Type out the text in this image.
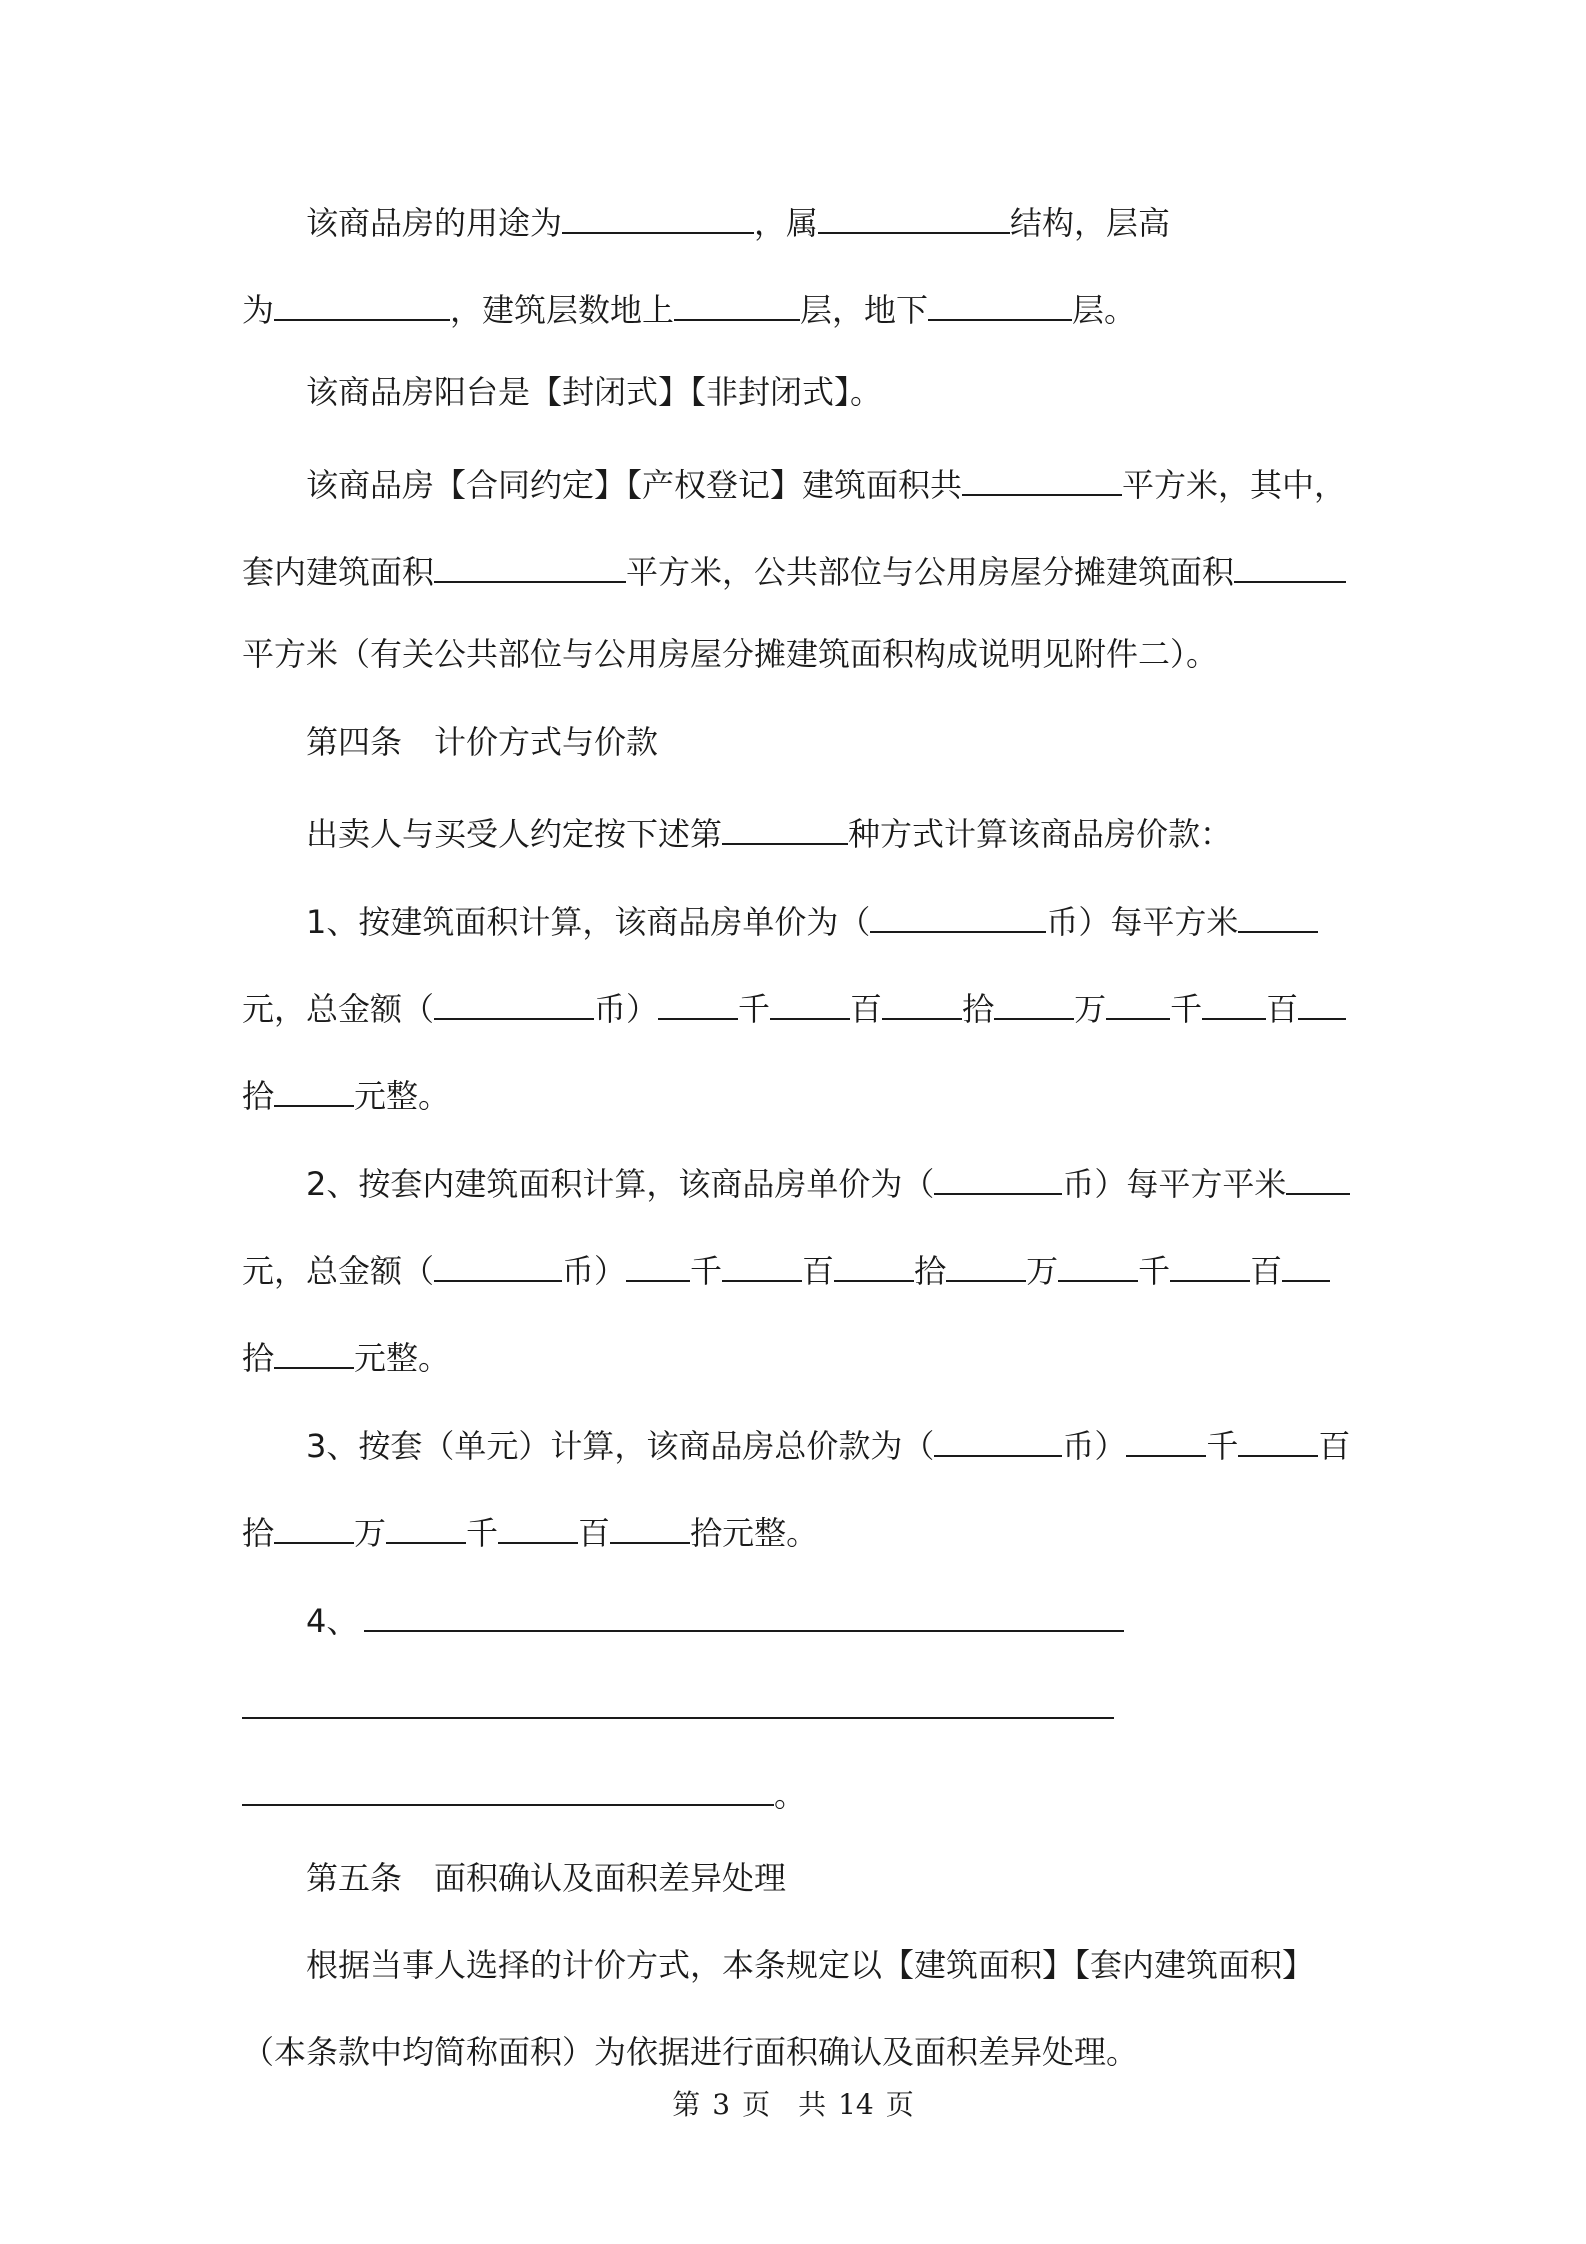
该商品房的用途为	，属	结构，层高
为	，建筑层数地上	层，地下	层。
该商品房阳台是【封闭式】【非封闭式】。
该商品房【合同约定】【产权登记】建筑面积共	平方米，其中，
套内建筑面积	平方米，公共部位与公用房屋分摊建筑面积
平方米（有关公共部位与公用房屋分摊建筑面积构成说明见附件二）。
第四条　计价方式与价款
出卖人与买受人约定按下述第	种方式计算该商品房价款：
1、按建筑面积计算，该商品房单价为（	币）每平方米
元，总金额（	币）	千	百	拾	万 千 百
拾	元整。
2、按套内建筑面积计算，该商品房单价为（	币）每平方平米
元，总金额（	币） 千	百	拾	万	千	百
拾	元整。
3、按套（单元）计算，该商品房总价款为（	币）	千	百
拾	万	千	百	拾元整。
4、
。
第五条　面积确认及面积差异处理
根据当事人选择的计价方式，本条规定以【建筑面积】【套内建筑面积】
（本条款中均简称面积）为依据进行面积确认及面积差异处理。
第 3 页　共 14 页
